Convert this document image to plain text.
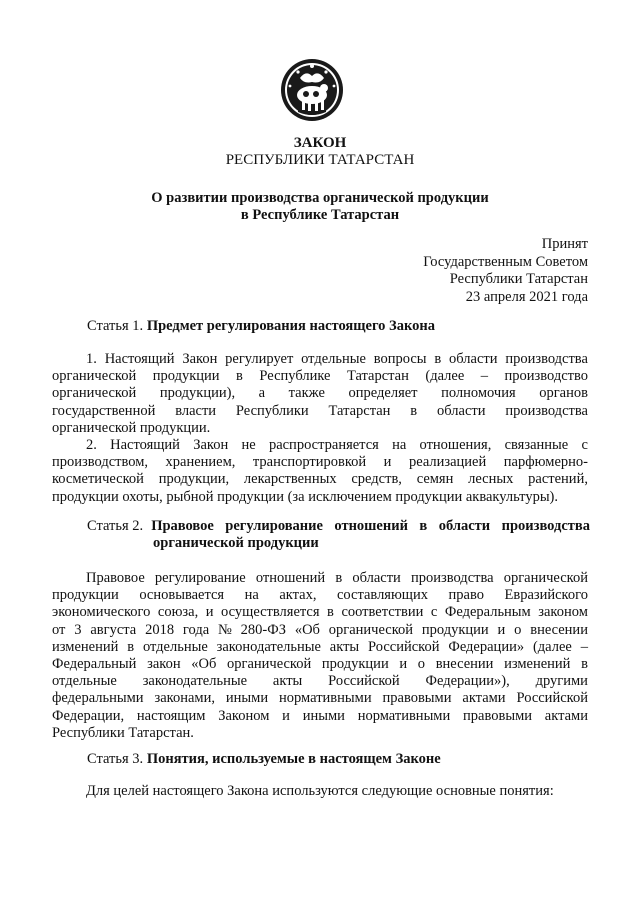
ЗАКОН
РЕСПУБЛИКИ ТАТАРСТАН
О развитии производства органической продукции
в Республике Татарстан
Принят
Государственным Советом
Республики Татарстан
23 апреля 2021 года
Статья 1. Предмет регулирования настоящего Закона
1. Настоящий Закон регулирует отдельные вопросы в области производства
органической продукции в Республике Татарстан (далее – производство
органической продукции), а также определяет полномочия органов
государственной власти Республики Татарстан в области производства
органической продукции.
2. Настоящий Закон не распространяется на отношения, связанные с
производством, хранением, транспортировкой и реализацией парфюмерно-
косметической продукции, лекарственных средств, семян лесных растений,
продукции охоты, рыбной продукции (за исключением продукции аквакультуры).
Статья 2. Правовое регулирование отношений в области производства
органической продукции
Правовое регулирование отношений в области производства органической
продукции основывается на актах, составляющих право Евразийского
экономического союза, и осуществляется в соответствии с Федеральным законом
от 3 августа 2018 года № 280-ФЗ «Об органической продукции и о внесении
изменений в отдельные законодательные акты Российской Федерации» (далее –
Федеральный закон «Об органической продукции и о внесении изменений в
отдельные законодательные акты Российской Федерации»), другими
федеральными законами, иными нормативными правовыми актами Российской
Федерации, настоящим Законом и иными нормативными правовыми актами
Республики Татарстан.
Статья 3. Понятия, используемые в настоящем Законе
Для целей настоящего Закона используются следующие основные понятия:
